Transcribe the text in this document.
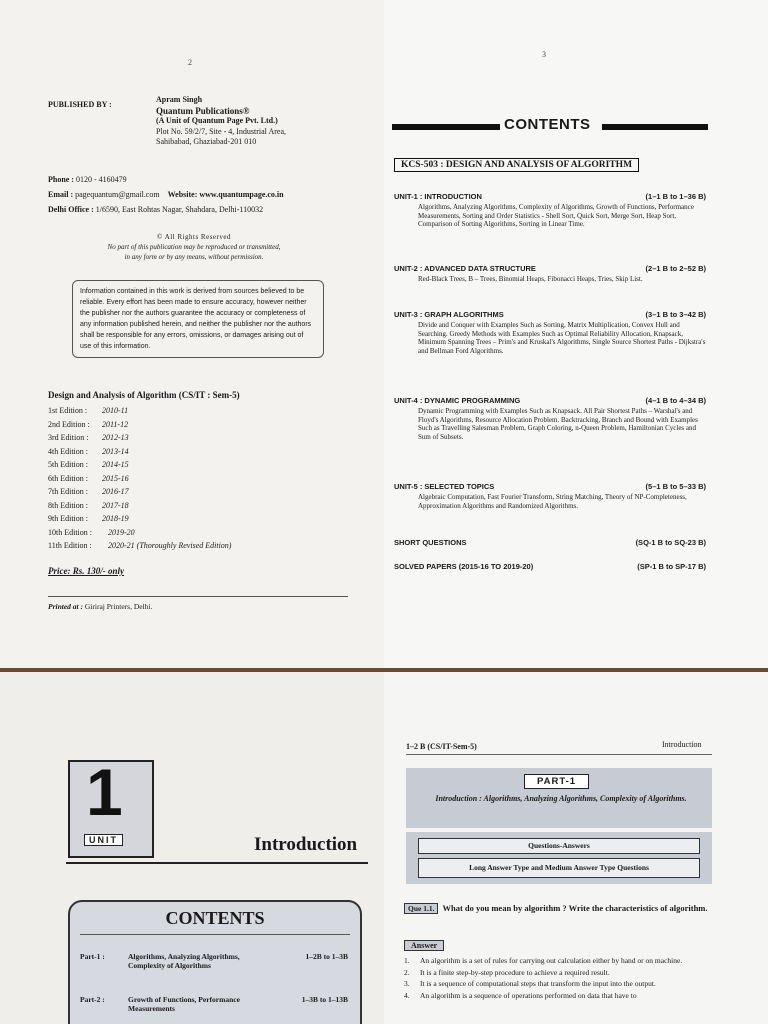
2
PUBLISHED BY :
Apram Singh
Quantum Publications®
(A Unit of Quantum Page Pvt. Ltd.)
Plot No. 59/2/7, Site - 4, Industrial Area,
Sahibabad, Ghaziabad-201 010
Phone : 0120 - 4160479
Email : pagequantum@gmail.com Website: www.quantumpage.co.in
Delhi Office : 1/6590, East Rohtas Nagar, Shahdara, Delhi-110032
© All Rights Reserved
No part of this publication may be reproduced or transmitted,
in any form or by any means, without permission.
Information contained in this work is derived from sources believed to be reliable. Every effort has been made to ensure accuracy, however neither the publisher nor the authors guarantee the accuracy or completeness of any information published herein, and neither the publisher nor the authors shall be responsible for any errors, omissions, or damages arising out of use of this information.
Design and Analysis of Algorithm (CS/IT : Sem-5)
1st Edition : 2010-11
2nd Edition : 2011-12
3rd Edition : 2012-13
4th Edition : 2013-14
5th Edition : 2014-15
6th Edition : 2015-16
7th Edition : 2016-17
8th Edition : 2017-18
9th Edition : 2018-19
10th Edition : 2019-20
11th Edition : 2020-21 (Thoroughly Revised Edition)
Price: Rs. 130/- only
Printed at : Giriraj Printers, Delhi.
3
CONTENTS
KCS-503 : DESIGN AND ANALYSIS OF ALGORITHM
UNIT-1 : INTRODUCTION	(1–1 B to 1–36 B)
Algorithms, Analyzing Algorithms, Complexity of Algorithms, Growth of Functions, Performance Measurements, Sorting and Order Statistics - Shell Sort, Quick Sort, Merge Sort, Heap Sort, Comparison of Sorting Algorithms, Sorting in Linear Time.
UNIT-2 : ADVANCED DATA STRUCTURE	(2–1 B to 2–52 B)
Red-Black Trees, B – Trees, Binomial Heaps, Fibonacci Heaps, Tries, Skip List.
UNIT-3 : GRAPH ALGORITHMS	(3–1 B to 3–42 B)
Divide and Conquer with Examples Such as Sorting, Matrix Multiplication, Convex Hull and Searching. Greedy Methods with Examples Such as Optimal Reliability Allocation, Knapsack, Minimum Spanning Trees – Prim's and Kruskal's Algorithms, Single Source Shortest Paths - Dijkstra's and Bellman Ford Algorithms.
UNIT-4 : DYNAMIC PROGRAMMING	(4–1 B to 4–34 B)
Dynamic Programming with Examples Such as Knapsack. All Pair Shortest Paths – Warshal's and Floyd's Algorithms, Resource Allocation Problem. Backtracking, Branch and Bound with Examples Such as Travelling Salesman Problem, Graph Coloring, n-Queen Problem, Hamiltonian Cycles and Sum of Subsets.
UNIT-5 : SELECTED TOPICS	(5–1 B to 5–33 B)
Algebraic Computation, Fast Fourier Transform, String Matching, Theory of NP-Completeness, Approximation Algorithms and Randomized Algorithms.
SHORT QUESTIONS	(SQ-1 B to SQ-23 B)
SOLVED PAPERS (2015-16 TO 2019-20)	(SP-1 B to SP-17 B)
1
UNIT	Introduction
CONTENTS
Part-1 :	Algorithms, Analyzing Algorithms, Complexity of Algorithms
1–2B to 1–3B
Part-2 :	Growth of Functions, Performance Measurements
1–3B to 1–13B
1–2 B (CS/IT-Sem-5)	Introduction
PART-1
Introduction : Algorithms, Analyzing Algorithms, Complexity of Algorithms.
Questions-Answers
Long Answer Type and Medium Answer Type Questions
Que 1.1. What do you mean by algorithm ? Write the characteristics of algorithm.
Answer
1. An algorithm is a set of rules for carrying out calculation either by hand or on machine.
2. It is a finite step-by-step procedure to achieve a required result.
3. It is a sequence of computational steps that transform the input into the output.
4. An algorithm is a sequence of operations performed on data that have to
